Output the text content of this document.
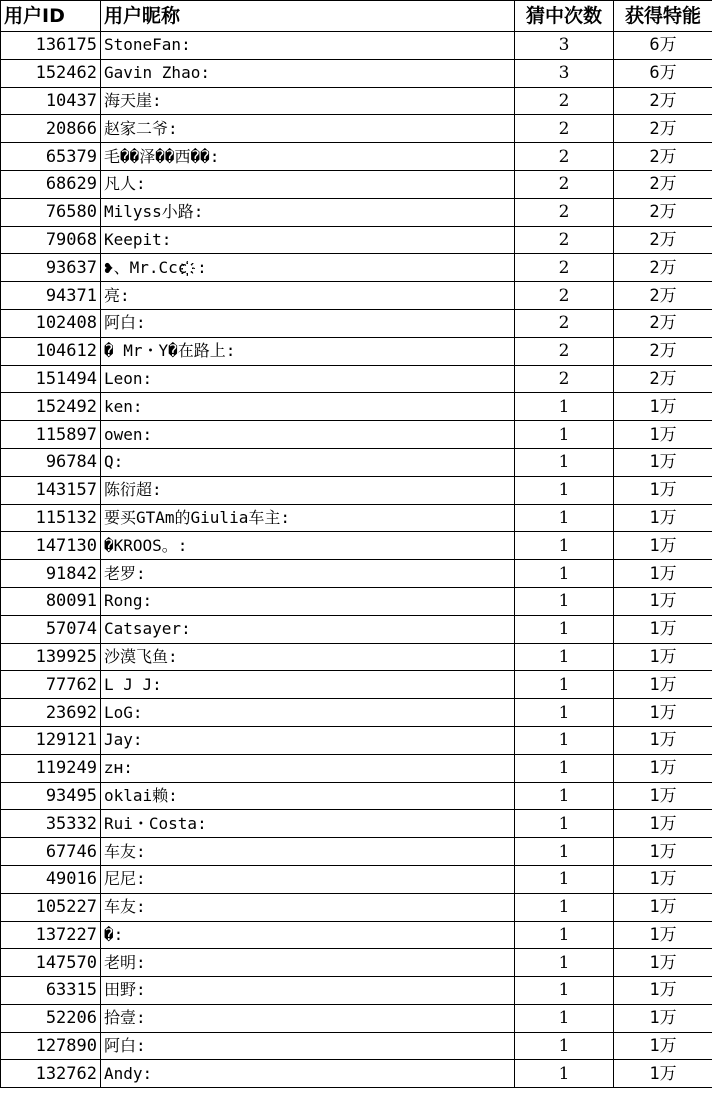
用户ID	用户昵称	猜中次数	获得特能
136175	StoneFan:	3	6万
152462	Gavin Zhao:	3	6万
10437	海天崖:	2	2万
20866	赵家二爷:	2	2万
65379	毛��泽��西��:	2	2万
68629	凡人:	2	2万
76580	Milyss小路:	2	2万
79068	Keepit:	2	2万
93637	❥、Mr.Ccc҉҉҉҉҉҉҉҉ :	2	2万
94371	亮:	2	2万
102408	阿白:	2	2万
104612	� Mr・Y�在路上:	2	2万
151494	Leon:	2	2万
152492	ken:	1	1万
115897	owen:	1	1万
96784	Q:	1	1万
143157	陈衍超:	1	1万
115132	要买GTAm的Giulia车主:	1	1万
147130	�KROOS。:	1	1万
91842	老罗:	1	1万
80091	Rong:	1	1万
57074	Catsayer:	1	1万
139925	沙漠飞鱼:	1	1万
77762	L J J:	1	1万
23692	LoG:	1	1万
129121	Jay:	1	1万
119249	ᴢʜ:	1	1万
93495	oklai赖:	1	1万
35332	Rui・Costa:	1	1万
67746	车友:	1	1万
49016	尼尼:	1	1万
105227	车友:	1	1万
137227	�:	1	1万
147570	老明:	1	1万
63315	田野:	1	1万
52206	拾壹:	1	1万
127890	阿白:	1	1万
132762	Andy:	1	1万
